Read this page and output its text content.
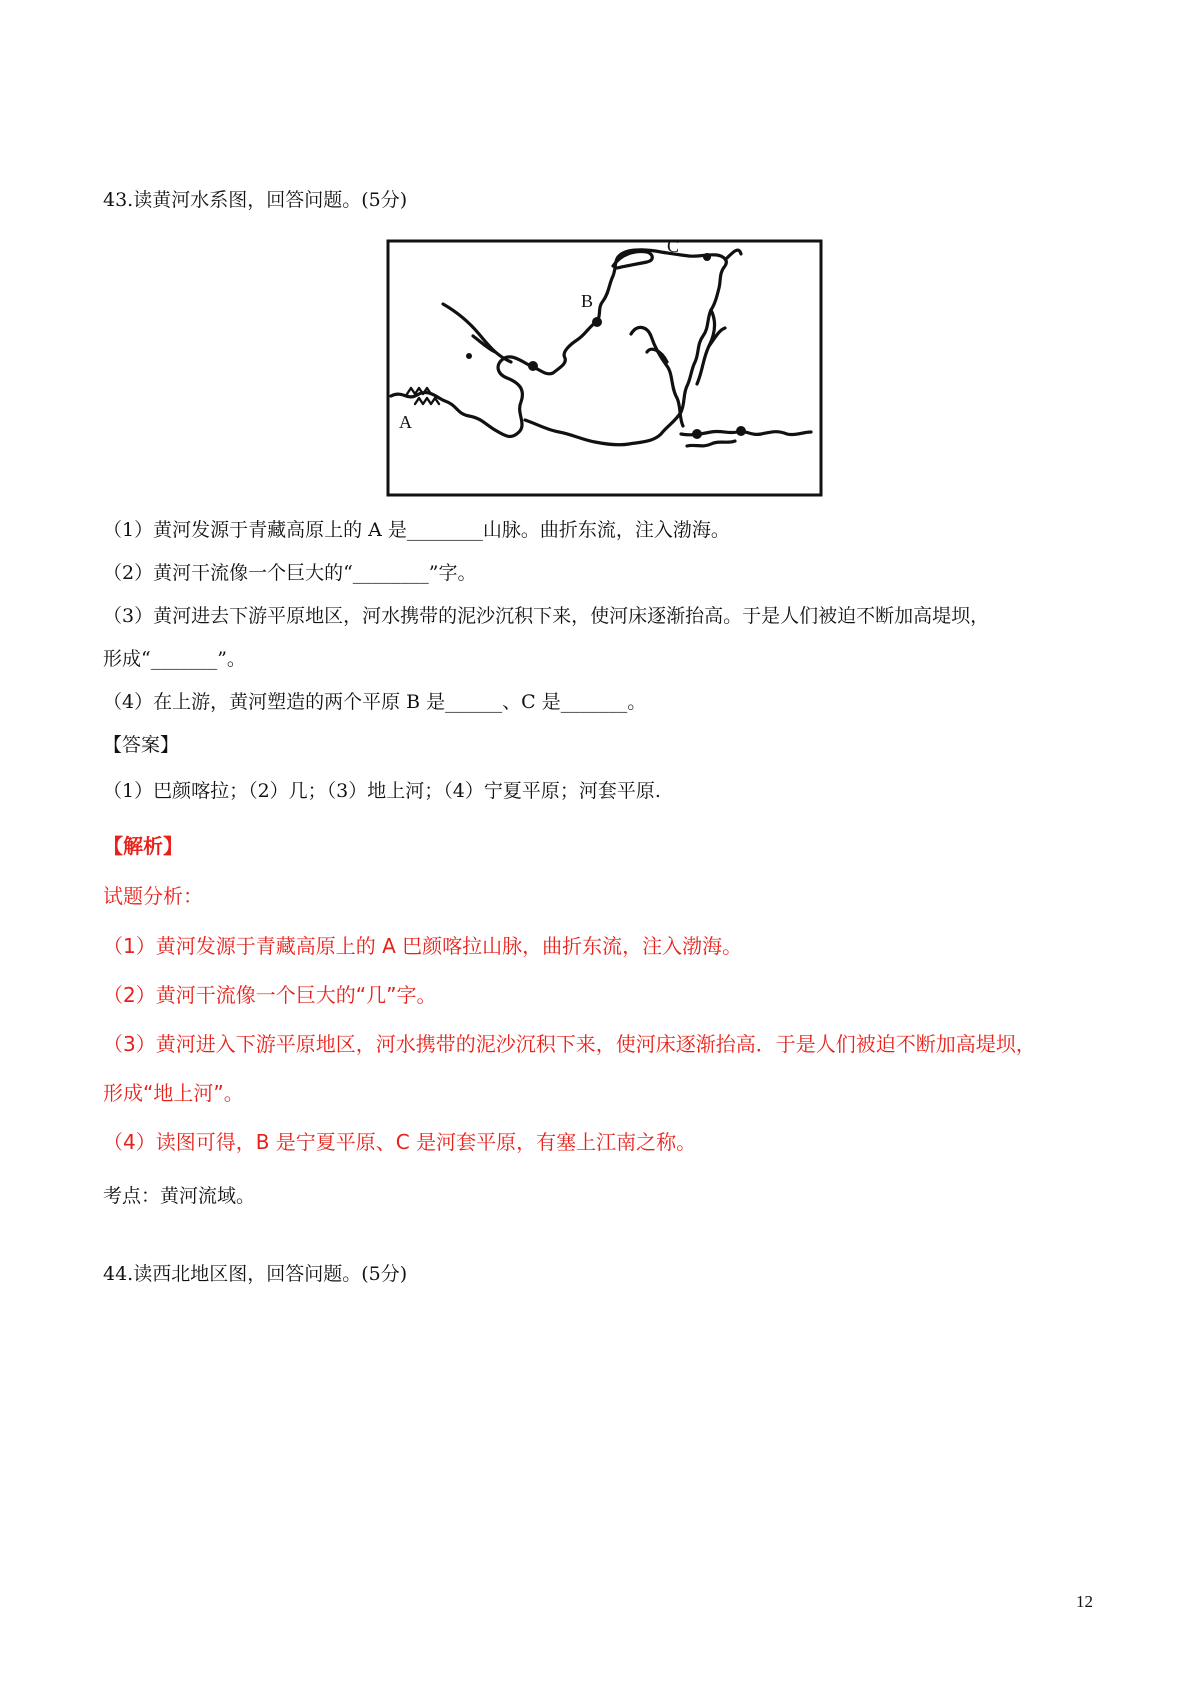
43.读黄河水系图，回答问题。(5分)
A
B
C
（1）黄河发源于青藏高原上的 A 是________山脉。曲折东流，注入渤海。
（2）黄河干流像一个巨大的“________”字。
（3）黄河进去下游平原地区，河水携带的泥沙沉积下来，使河床逐渐抬高。于是人们被迫不断加高堤坝，
形成“_______”。
（4）在上游，黄河塑造的两个平原 B 是______、C 是_______。
【答案】
（1）巴颜喀拉；（2）几；（3）地上河；（4）宁夏平原；河套平原.
【解析】
试题分析：
（1）黄河发源于青藏高原上的 A 巴颜喀拉山脉，曲折东流，注入渤海。
（2）黄河干流像一个巨大的“几”字。
（3）黄河进入下游平原地区，河水携带的泥沙沉积下来，使河床逐渐抬高．于是人们被迫不断加高堤坝，
形成“地上河”。
（4）读图可得，B 是宁夏平原、C 是河套平原，有塞上江南之称。
考点：黄河流域。
44.读西北地区图，回答问题。(5分)
12
